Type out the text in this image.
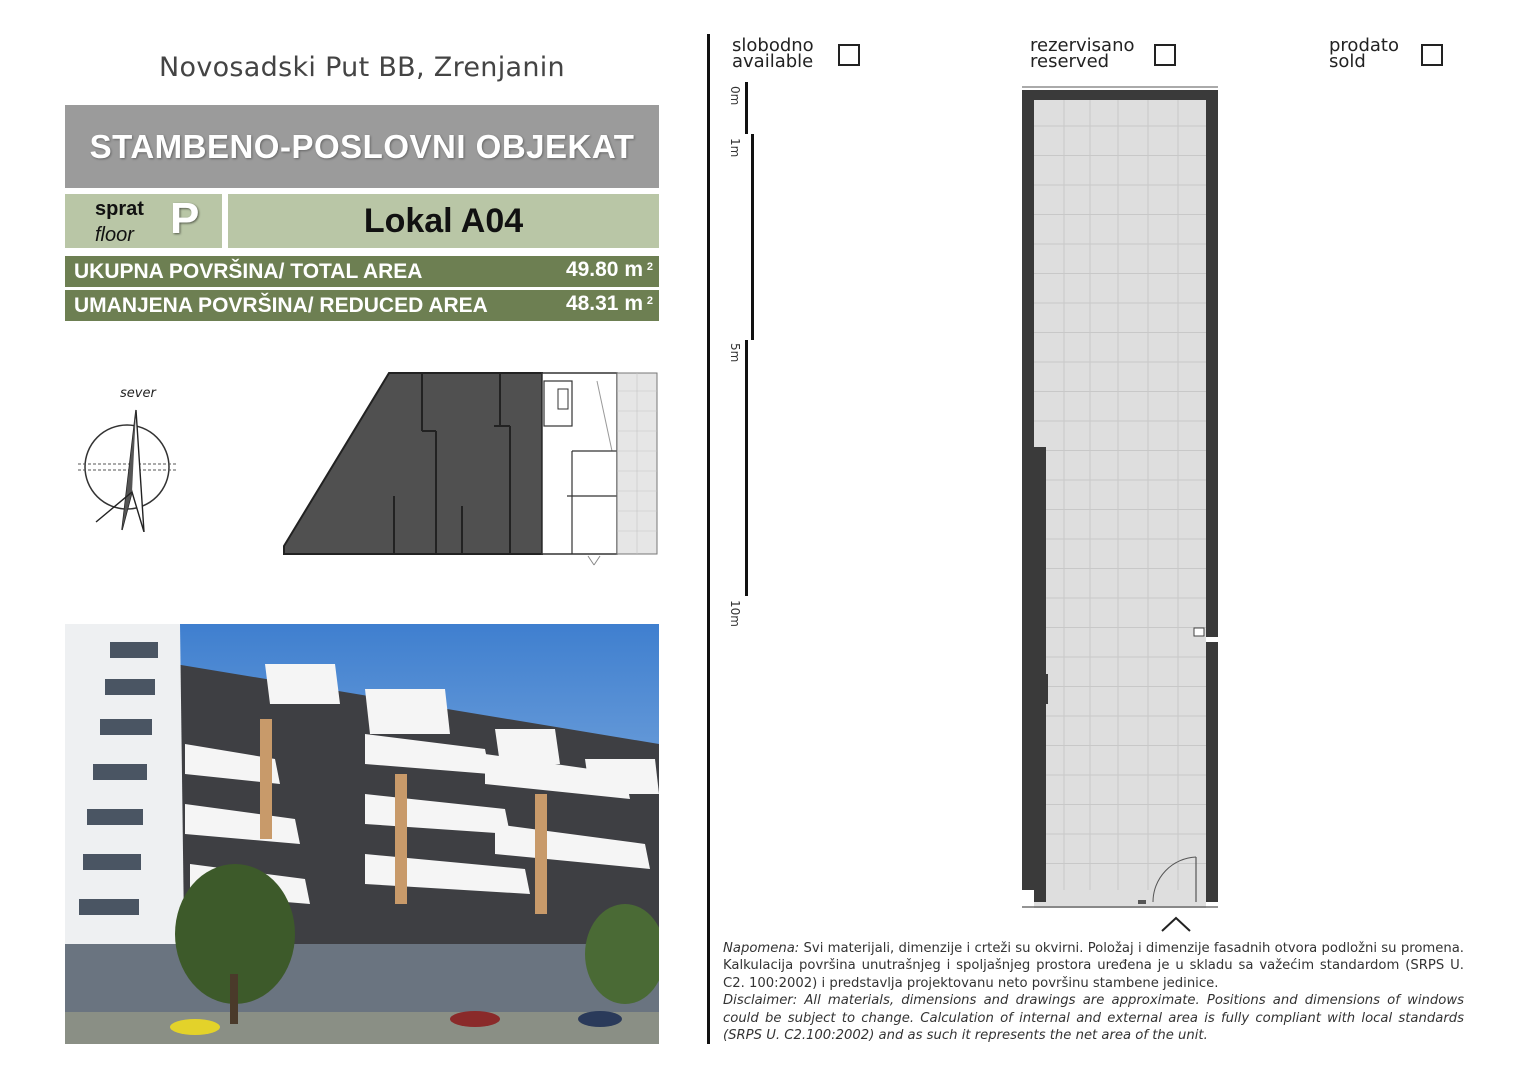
Novosadski Put BB, Zrenjanin
STAMBENO-POSLOVNI OBJEKAT
sprat
floor P	Lokal A04
UKUPNA POVRŠINA/ TOTAL AREA	49.80 m 2
UMANJENA POVRŠINA/ REDUCED AREA	48.31 m 2
sever
slobodno
available
rezervisano
reserved
prodato
sold
0m
1m
5m
10m
Napomena: Svi materijali, dimenzije i crteži su okvirni. Položaj i dimenzije fasadnih otvora podložni su promena. Kalkulacija površina unutrašnjeg i spoljašnjeg prostora uređena je u skladu sa važećim standardom (SRPS U. C2. 100:2002) i predstavlja projektovanu neto površinu stambene jedinice.
Disclaimer: All materials, dimensions and drawings are approximate. Positions and dimensions of windows could be subject to change. Calculation of internal and external area is fully compliant with local standards (SRPS U. C2.100:2002) and as such it represents the net area of the unit.
